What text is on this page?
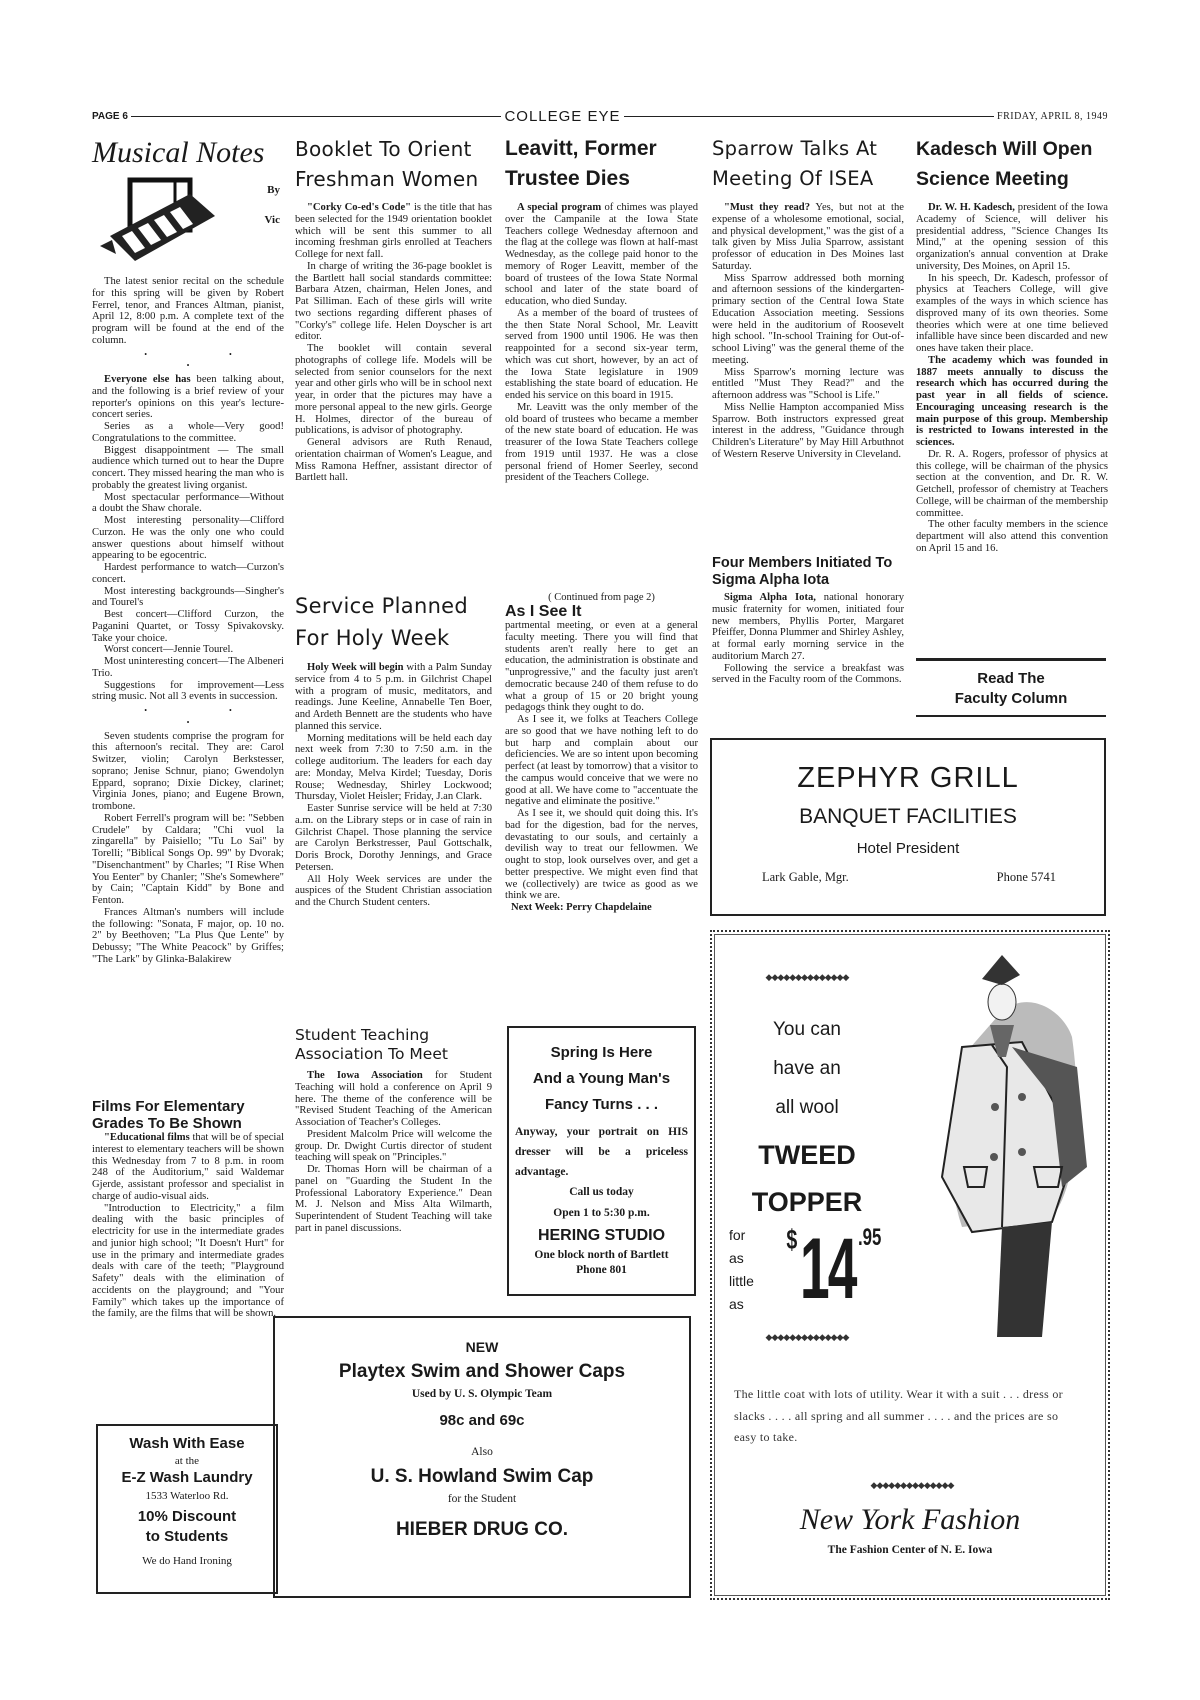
PAGE 6	COLLEGE EYE	FRIDAY, APRIL 8, 1949
Musical Notes
By
Vic

The latest senior recital on the schedule for this spring will be given by Robert Ferrel, tenor, and Frances Altman, pianist, April 12, 8:00 p.m. A complete text of the program will be found at the end of the column.

• • •

Everyone else has been talking about, and the following is a brief review of your reporter's opinions on this year's lecture-concert series.

Series as a whole—Very good! Congratulations to the committee.

Biggest disappointment — The small audience which turned out to hear the Dupre concert. They missed hearing the man who is probably the greatest living organist.

Most spectacular performance—Without a doubt the Shaw chorale.

Most interesting personality—Clifford Curzon. He was the only one who could answer questions about himself without appearing to be egocentric.

Hardest performance to watch—Curzon's concert.

Most interesting backgrounds—Singher's and Tourel's

Best concert—Clifford Curzon, the Paganini Quartet, or Tossy Spivakovsky. Take your choice.

Worst concert—Jennie Tourel.

Most uninteresting concert—The Albeneri Trio.

Suggestions for improvement—Less string music. Not all 3 events in succession.

• • •

Seven students comprise the program for this afternoon's recital. They are: Carol Switzer, violin; Carolyn Berkstesser, soprano; Jenise Schnur, piano; Gwendolyn Eppard, soprano; Dixie Dickey, clarinet; Virginia Jones, piano; and Eugene Brown, trombone.

Robert Ferrell's program will be: "Sebben Crudele" by Caldara; "Chi vuol la zingarella" by Paisiello; "Tu Lo Sai" by Torelli; "Biblical Songs Op. 99" by Dvorak; "Disenchantment" by Charles; "I Rise When You Eenter" by Chanler; "She's Somewhere" by Cain; "Captain Kidd" by Bone and Fenton.

Frances Altman's numbers will include the following: "Sonata, F major, op. 10 no. 2" by Beethoven; "La Plus Que Lente" by Debussy; "The White Peacock" by Griffes; "The Lark" by Glinka-Balakirew

Films For Elementary Grades To Be Shown

"Educational films that will be of special interest to elementary teachers will be shown this Wednesday from 7 to 8 p.m. in room 248 of the Auditorium," said Waldemar Gjerde, assistant professor and specialist in charge of audio-visual aids.

"Introduction to Electricity," a film dealing with the basic principles of electricity for use in the intermediate grades and junior high school; "It Doesn't Hurt" for use in the primary and intermediate grades deals with care of the teeth; "Playground Safety" deals with the elimination of accidents on the playground; and "Your Family" which takes up the importance of the family, are the films that will be shown.

Wash With Ease
at the
E-Z Wash Laundry
1533 Waterloo Rd.
10% Discount
to Students
We do Hand Ironing
Booklet To Orient Freshman Women

"Corky Co-ed's Code" is the title that has been selected for the 1949 orientation booklet which will be sent this summer to all incoming freshman girls enrolled at Teachers College for next fall.

In charge of writing the 36-page booklet is the Bartlett hall social standards committee: Barbara Atzen, chairman, Helen Jones, and Pat Silliman. Each of these girls will write two sections regarding different phases of "Corky's" college life. Helen Doyscher is art editor.

The booklet will contain several photographs of college life. Models will be selected from senior counselors for the next year and other girls who will be in school next year, in order that the pictures may have a more personal appeal to the new girls. George H. Holmes, director of the bureau of publications, is advisor of photography.

General advisors are Ruth Renaud, orientation chairman of Women's League, and Miss Ramona Heffner, assistant director of Bartlett hall.

Service Planned For Holy Week

Holy Week will begin with a Palm Sunday service from 4 to 5 p.m. in Gilchrist Chapel with a program of music, meditators, and readings. June Keeline, Annabelle Ten Boer, and Ardeth Bennett are the students who have planned this service.

Morning meditations will be held each day next week from 7:30 to 7:50 a.m. in the college auditorium. The leaders for each day are: Monday, Melva Kirdel; Tuesday, Doris Rouse; Wednesday, Shirley Lockwood; Thursday, Violet Heisler; Friday, J.an Clark.

Easter Sunrise service will be held at 7:30 a.m. on the Library steps or in case of rain in Gilchrist Chapel. Those planning the service are Carolyn Berkstresser, Paul Gottschalk, Doris Brock, Dorothy Jennings, and Grace Petersen.

All Holy Week services are under the auspices of the Student Christian association and the Church Student centers.

Student Teaching Association To Meet

The Iowa Association for Student Teaching will hold a conference on April 9 here. The theme of the conference will be "Revised Student Teaching of the American Association of Teacher's Colleges.

President Malcolm Price will welcome the group. Dr. Dwight Curtis director of student teaching will speak on "Principles."

Dr. Thomas Horn will be chairman of a panel on "Guarding the Student In the Professional Laboratory Experience." Dean M. J. Nelson and Miss Alta Wilmarth, Superintendent of Student Teaching will take part in panel discussions.

Leavitt, Former Trustee Dies

A special program of chimes was played over the Campanile at the Iowa State Teachers college Wednesday afternoon and the flag at the college was flown at half-mast Wednesday, as the college paid honor to the memory of Roger Leavitt, member of the board of trustees of the Iowa State Normal school and later of the state board of education, who died Sunday.

As a member of the board of trustees of the then State Noral School, Mr. Leavitt served from 1900 until 1906. He was then reappointed for a second six-year term, which was cut short, however, by an act of the Iowa State legislature in 1909 establishing the state board of education. He ended his service on this board in 1915.

Mr. Leavitt was the only member of the old board of trustees who became a member of the new state board of education. He was treasurer of the Iowa State Teachers college from 1919 until 1937. He was a close personal friend of Homer Seerley, second president of the Teachers College.

( Continued from page 2)
As I See It

partmental meeting, or even at a general faculty meeting. There you will find that students aren't really here to get an education, the administration is obstinate and "unprogressive," and the faculty just aren't democratic because 240 of them refuse to do what a group of 15 or 20 bright young pedagogs think they ought to do.

As I see it, we folks at Teachers College are so good that we have nothing left to do but harp and complain about our deficiencies. We are so intent upon becoming perfect (at least by tomorrow) that a visitor to the campus would conceive that we were no good at all. We have come to "accentuate the negative and eliminate the positive."

As I see it, we should quit doing this. It's bad for the digestion, bad for the nerves, devastating to our souls, and certainly a devilish way to treat our fellowmen. We ought to stop, look ourselves over, and get a better prespective. We might even find that we (collectively) are twice as good as we think we are.

Next Week: Perry Chapdelaine
Spring Is Here
And a Young Man's
Fancy Turns . . .
Anyway, your portrait on HIS dresser will be a priceless advantage.
Call us today
Open 1 to 5:30 p.m.
HERING STUDIO
One block north of Bartlett
Phone 801
NEW
Playtex Swim and Shower Caps
Used by U. S. Olympic Team
98c and 69c
Also
U. S. Howland Swim Cap
for the Student
HIEBER DRUG CO.
Sparrow Talks At Meeting Of ISEA

"Must they read? Yes, but not at the expense of a wholesome emotional, social, and physical development," was the gist of a talk given by Miss Julia Sparrow, assistant professor of education in Des Moines last Saturday.

Miss Sparrow addressed both morning and afternoon sessions of the kindergarten-primary section of the Central Iowa State Education Association meeting. Sessions were held in the auditorium of Roosevelt high school. "In-school Training for Out-of-school Living" was the general theme of the meeting.

Miss Sparrow's morning lecture was entitled "Must They Read?" and the afternoon address was "School is Life."

Miss Nellie Hampton accompanied Miss Sparrow. Both instructors expressed great interest in the address, "Guidance through Children's Literature" by May Hill Arbuthnot of Western Reserve University in Cleveland.

Four Members Initiated To Sigma Alpha Iota

Sigma Alpha Iota, national honorary music fraternity for women, initiated four new members, Phyllis Porter, Margaret Pfeiffer, Donna Plummer and Shirley Ashley, at formal early morning service in the auditorium March 27.

Following the service a breakfast was served in the Faculty room of the Commons.

Kadesch Will Open Science Meeting

Dr. W. H. Kadesch, president of the Iowa Academy of Science, will deliver his presidential address, "Science Changes Its Mind," at the opening session of this organization's annual convention at Drake university, Des Moines, on April 15.

In his speech, Dr. Kadesch, professor of physics at Teachers College, will give examples of the ways in which science has disproved many of its own theories. Some theories which were at one time believed infallible have since been discarded and new ones have taken their place.

The academy which was founded in 1887 meets annually to discuss the research which has occurred during the past year in all fields of science. Encouraging unceasing research is the main purpose of this group. Membership is restricted to Iowans interested in the sciences.

Dr. R. A. Rogers, professor of physics at this college, will be chairman of the physics section at the convention, and Dr. R. W. Getchell, professor of chemistry at Teachers College, will be chairman of the membership committee.

The other faculty members in the science department will also attend this convention on April 15 and 16.

Read The
Faculty Column
ZEPHYR GRILL
BANQUET FACILITIES
Hotel President
Lark Gable, Mgr.	Phone 5741
◆◆◆◆◆◆◆◆◆◆◆◆◆◆
You can
have an
all wool
TWEED
TOPPER
for
as
little
as
$14 .95
◆◆◆◆◆◆◆◆◆◆◆◆◆◆
The little coat with lots of utility. Wear it with a suit . . . dress or slacks . . . . all spring and all summer . . . . and the prices are so easy to take.
◆◆◆◆◆◆◆◆◆◆◆◆◆◆
New York Fashion
The Fashion Center of N. E. Iowa
